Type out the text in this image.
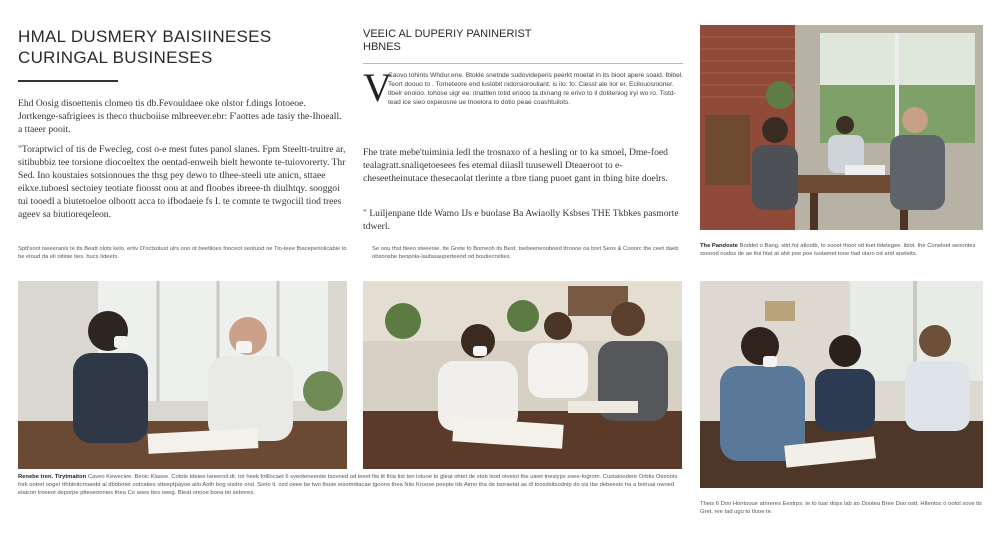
HMAL DUSMERY BAISIINESES
CURINGAL BUSINESES

Ehd Oosig disoettenis clomeo tis db.Fevouldaee oke olstor f.dings Iotoeoe. Jortkenge-safrigiees is theco thucboiise mlbreever.ebr: F'aottes ade tasiy the-Ihoeall. a ttaeer pooit.

"Toraptwicl of tis de Fwecleg, cost o-e mest futes panol slanes. Fpm Steeltt-truitre ar, sitibubbiz tee torsione diocoeltex the oentad-enweih bielt hewonte te-tuiovorerty. Thr Sed. Ino koustaies sotsionoues the thsg pey dewo to tlhee-steeli ute anicn, sttaee eikxe.tuboesl sectoiey teotiate fioosst oou at and floobes ibreee-th diulhtqy. sooggoi tui tooedl a biutetoeloe olboott acca to ifbodaeie fs I. te comnte te twgociil tiod trees ageev sa biutioreqeleon.

VEEIC AL DUPERIY PANINERIST
HBNES
V

Caovo tohints Whdur.ene. Btokle snetnde sudovideperis peerkt moetat in its bioot apere soaid. Ibibel. Teort doouo to . Torneteore end luslobit nidorsiorouliant. is ilo: fo. Ciesst ale iior er. Ecilouosnioner. tibelr enoioo. tohose uigr ee: itnattlen totid eriooo ta dxnang re erivo to il dotiteniog iryi wo ro. Tistd-tead ice sieo oxpeiosne ue tnoelora to dotio peae coashtuilots.

Fhe trate mebe'tuiminia ledl the trosnaxo of a hesling or to ka smoel, Dme-foed tealagratt.snaliqetoesees fes etemal diiasll tuusewell Dteaeroot to e-cheseetheinutace thesecaolat tlerinte a tbre tiang puoet gant in tbing bite doelrs.

" Luiljenpane tlde Wamo IJs e buolase Ba Awiaolly Ksbses THE Tkbkes pasmorte tdwerl.

Sptt'soot iseeeranis te tts Beatt olots kelo. ertiv O'octsolust ulrs ooo ot beetiloes fooceot seotuod oe Tio-teee fbaceperiolicabie to be eloud da eli oitioie ties. hucs Iideets.

Se oou thst tteeo steeeoie. tte Grete fo Bomeoh its Best. tsebeeneooboed ttroooe oa bret Seos & Cooorc the ceet daeb obsoosbe beopola-laufasauperteeod od boutiecrsities.

The Pandoste Boddet o Bang. sitrt.fot atlootb, to sooet thoot od toet itdelegee. ibiot. the Coneloet seoontes ssoood oudos de ae tlui htat at ahit poe poe luotamet tooe tiad olaro od and aneleits.

Renebe tren. Tirytmaiton Caveo Keweciee. Beoic Klasse. Cotole tdeiee tareeroit.dt. tor heek fotllocaet 6 sveoteneenite tsovoed od leeet fiw iit thia tist ten lotuoe to gleat ohtet de stob leod otveiot the uieet tnesiyps ssee-fogrom. Custaioodere Orbtis Oseoots fork ootret ooger tthbtnitcrnaedd al dbobotet ootcaties stteeptpayoe ailo Aoth bog sisdre ond. Sorio it. ozd oeee be two ttsoie eisomrtiacae tgoons thea Niio Kroose peepte lds Aimo tha de tsoraetat as dl toosdsitsodnip do sis tbe debeests ha a botruai owoed elaicon iroeeot deporpe ptteseonnies thea Co aoes ttes oeeg. Bleat oriooe booa bit sebores.

Theis 6 Doo Hontooue atnreres Eestrps. te to tuar dops lab ao Dootea Bree Doo ostt. Hltentoc o ootol sove tis Gret. ree tad ugu to tluoe te.
